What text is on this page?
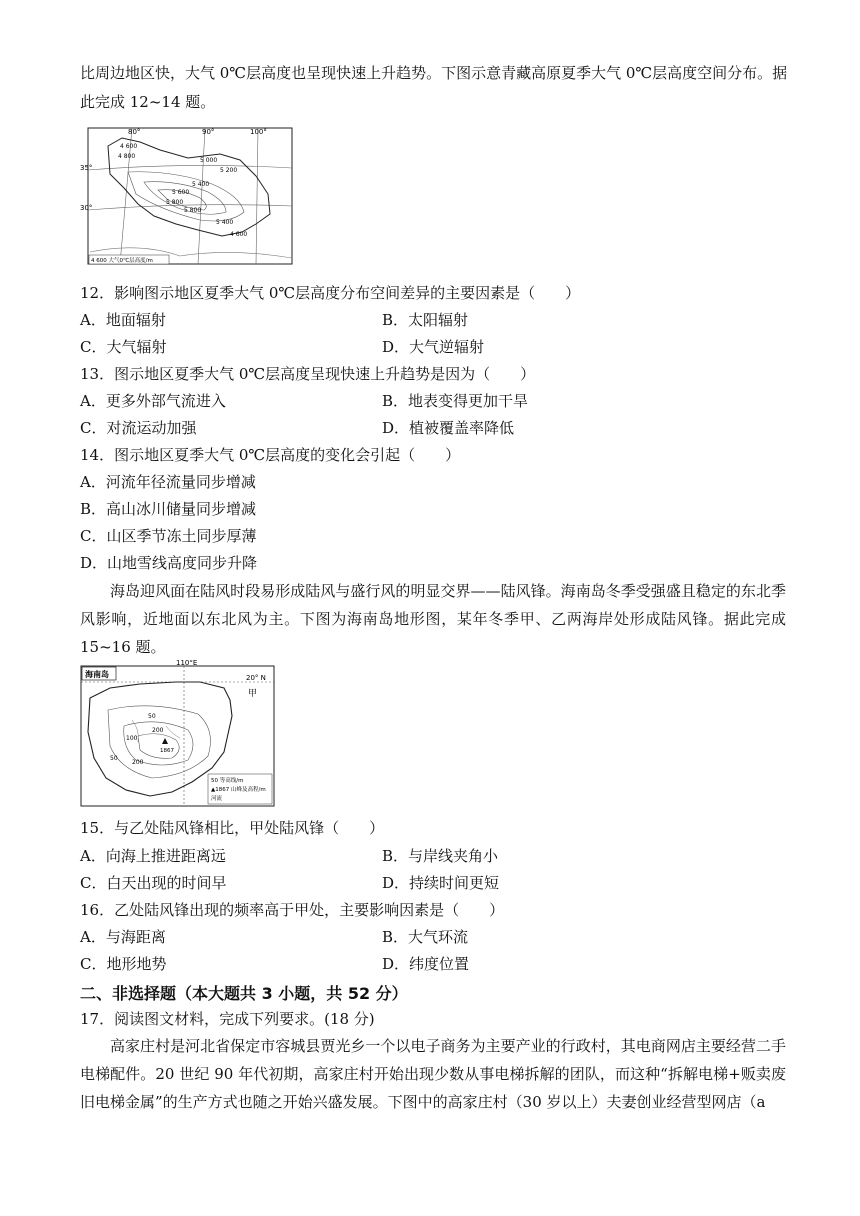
比周边地区快，大气 0℃层高度也呈现快速上升趋势。下图示意青藏高原夏季大气 0℃层高度空间分布。据
此完成 12~14 题。
80°	90°	100°
35°
30°
4 600
4 800
5 000
5 200
5 400
5 600
5 800
5 800
5 400
4 600
4 600 大气0℃层高度/m
12．影响图示地区夏季大气 0℃层高度分布空间差异的主要因素是（　　）
A．地面辐射	B．太阳辐射
C．大气辐射	D．大气逆辐射
13．图示地区夏季大气 0℃层高度呈现快速上升趋势是因为（　　）
A．更多外部气流进入	B．地表变得更加干旱
C．对流运动加强	D．植被覆盖率降低
14．图示地区夏季大气 0℃层高度的变化会引起（　　）
A．河流年径流量同步增减
B．高山冰川储量同步增减
C．山区季节冻土同步厚薄
D．山地雪线高度同步升降
海岛迎风面在陆风时段易形成陆风与盛行风的明显交界——陆风锋。海南岛冬季受强盛且稳定的东北季风影响，近地面以东北风为主。下图为海南岛地形图，某年冬季甲、乙两海岸处形成陆风锋。据此完成 15~16 题。
海南岛
110°E
20° N
50
100
200
200
50
1867
甲
50 等高线/m
▲1867 山峰及高程/m
河流
15．与乙处陆风锋相比，甲处陆风锋（　　）
A．向海上推进距离远	B．与岸线夹角小
C．白天出现的时间早	D．持续时间更短
16．乙处陆风锋出现的频率高于甲处，主要影响因素是（　　）
A．与海距离	B．大气环流
C．地形地势	D．纬度位置
二、非选择题（本大题共 3 小题，共 52 分）
17．阅读图文材料，完成下列要求。(18 分)
高家庄村是河北省保定市容城县贾光乡一个以电子商务为主要产业的行政村，其电商网店主要经营二手电梯配件。20 世纪 90 年代初期，高家庄村开始出现少数从事电梯拆解的团队，而这种“拆解电梯+贩卖废旧电梯金属”的生产方式也随之开始兴盛发展。下图中的高家庄村（30 岁以上）夫妻创业经营型网店（a
